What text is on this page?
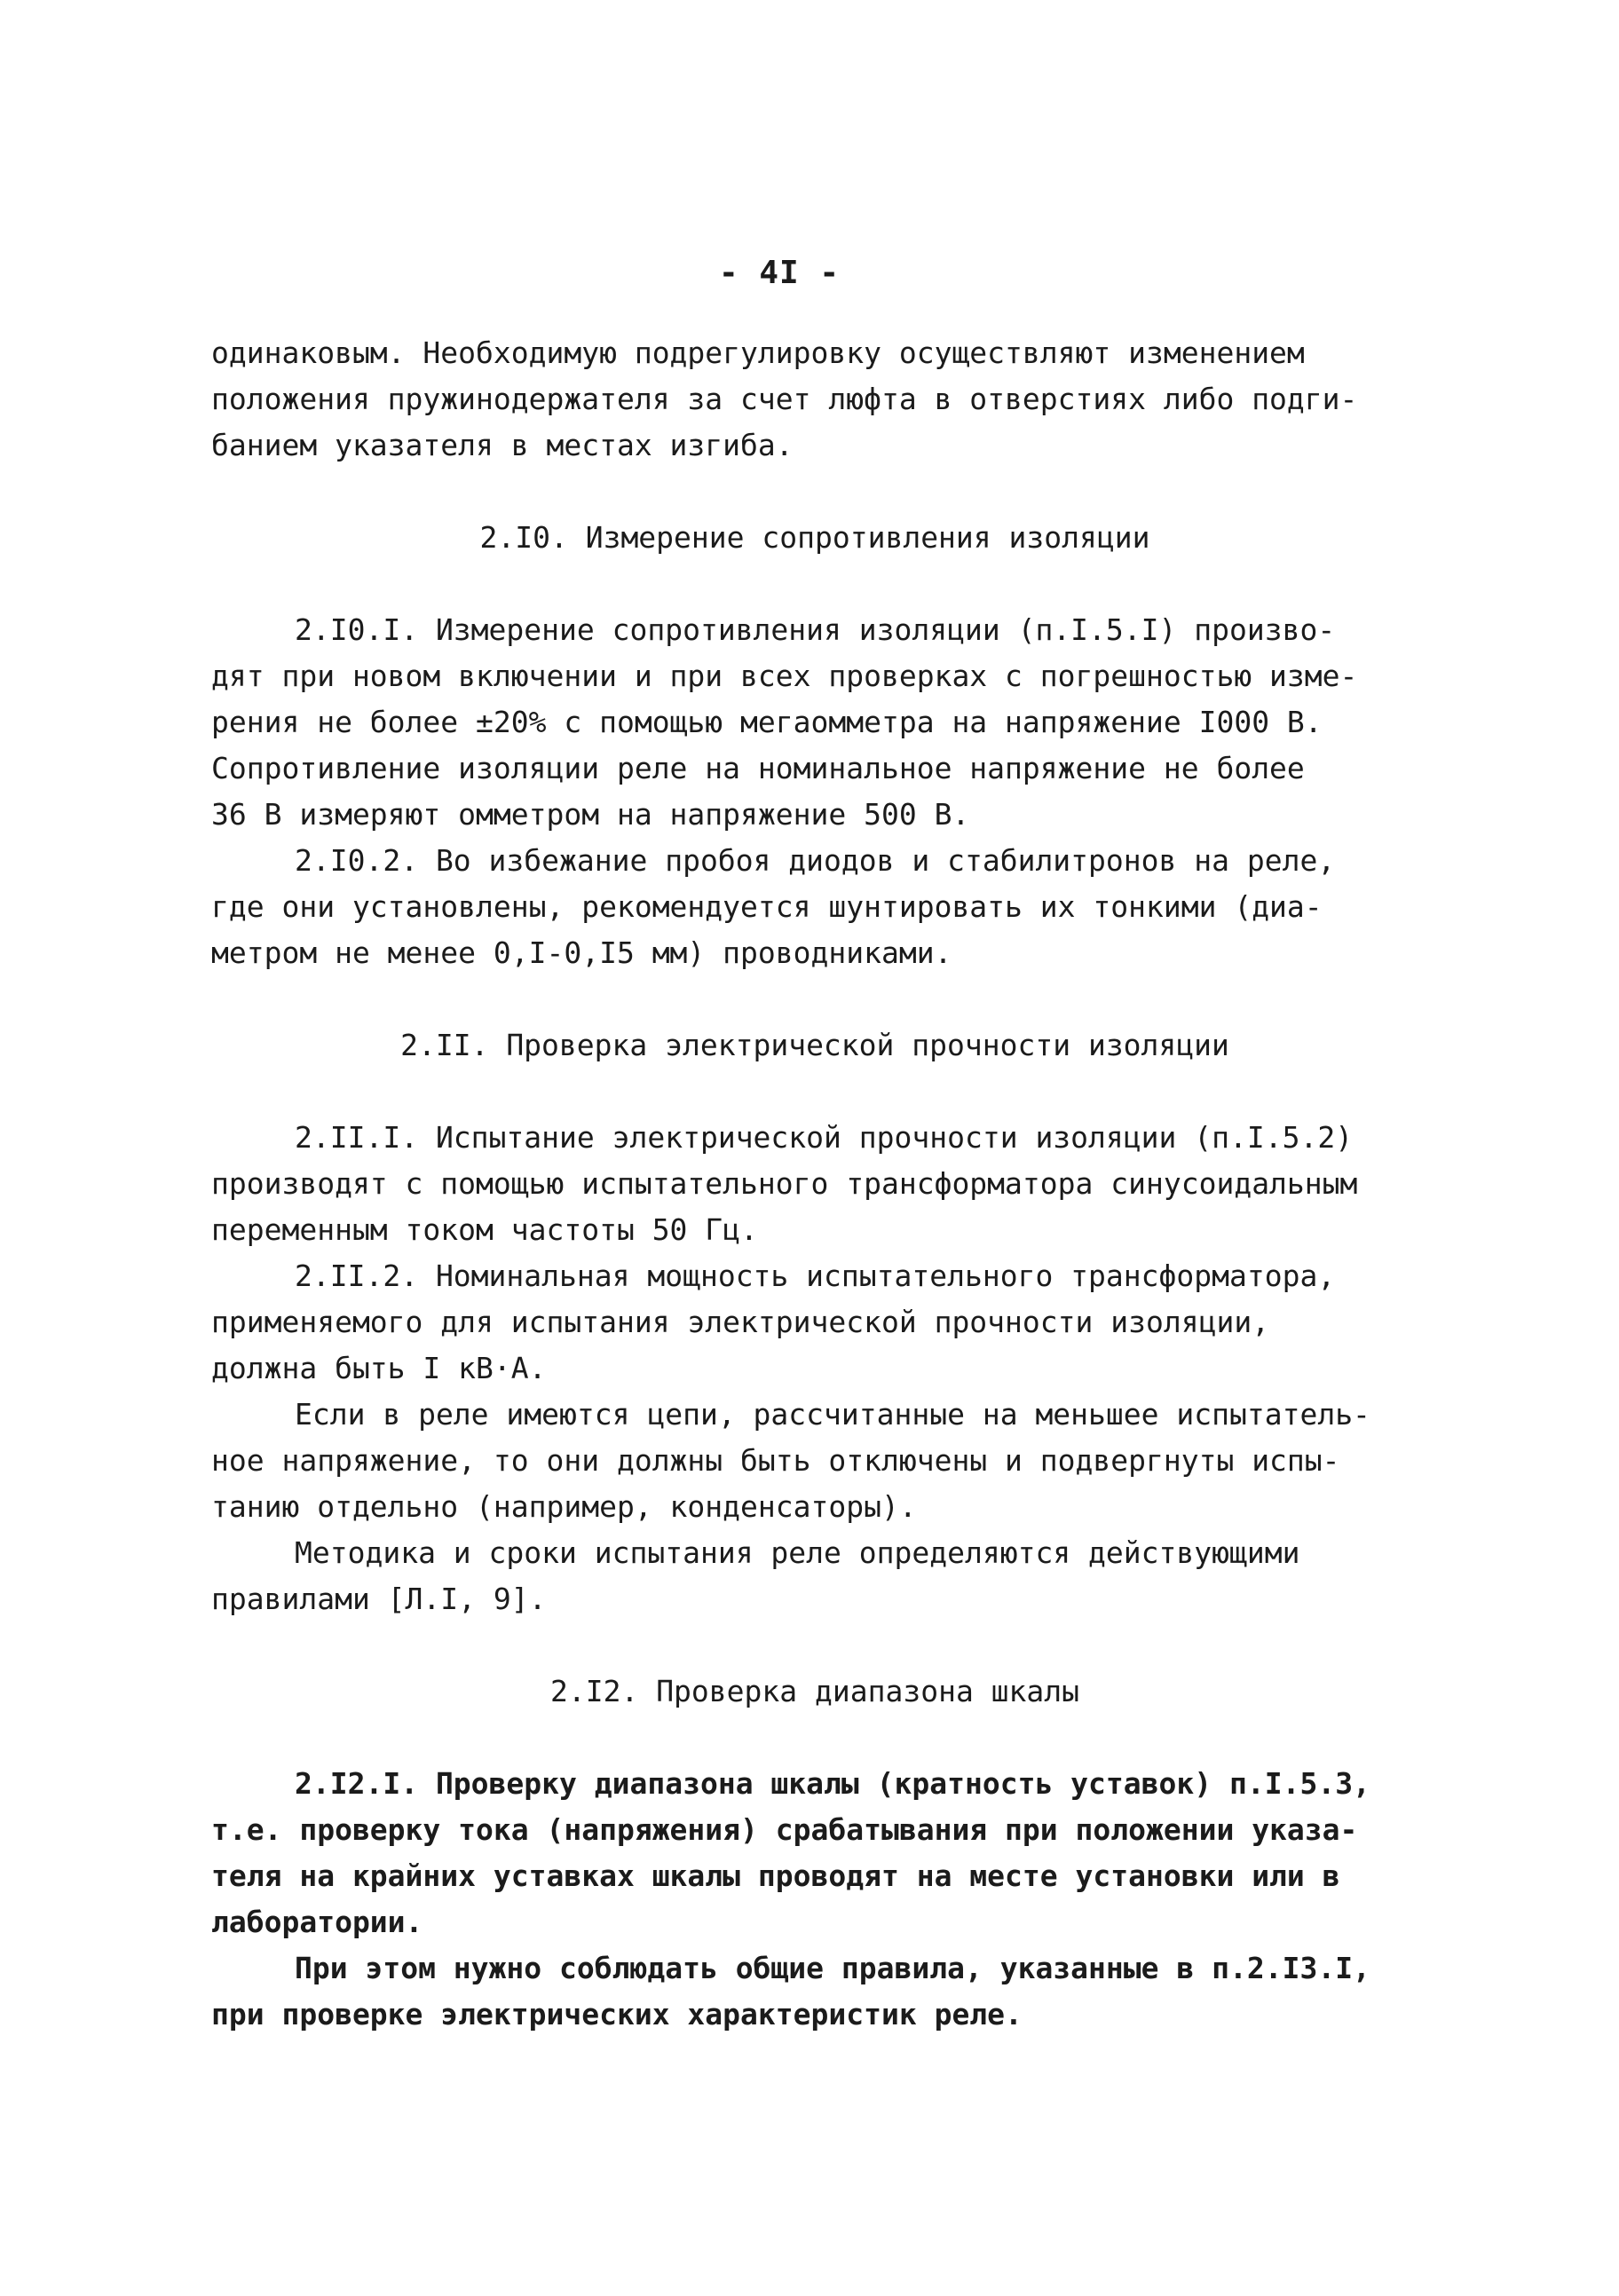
- 4I -
одинаковым. Необходимую подрегулировку осуществляют изменением
положения пружинодержателя за счет люфта в отверстиях либо подги-
банием указателя в местах изгиба.
2.I0. Измерение сопротивления изоляции
2.I0.I. Измерение сопротивления изоляции (п.I.5.I) произво-
дят при новом включении и при всех проверках с погрешностью изме-
рения не более ±20% с помощью мегаомметра на напряжение I000 В.
Сопротивление изоляции реле на номинальное напряжение не более
36 В измеряют омметром на напряжение 500 В.
2.I0.2. Во избежание пробоя диодов и стабилитронов на реле,
где они установлены, рекомендуется шунтировать их тонкими (диа-
метром не менее 0,I-0,I5 мм) проводниками.
2.II. Проверка электрической прочности изоляции
2.II.I. Испытание электрической прочности изоляции (п.I.5.2)
производят с помощью испытательного трансформатора синусоидальным
переменным током частоты 50 Гц.
2.II.2. Номинальная мощность испытательного трансформатора,
применяемого для испытания электрической прочности изоляции,
должна быть I кВ·А.
Если в реле имеются цепи, рассчитанные на меньшее испытатель-
ное напряжение, то они должны быть отключены и подвергнуты испы-
танию отдельно (например, конденсаторы).
Методика и сроки испытания реле определяются действующими
правилами [Л.I, 9].
2.I2. Проверка диапазона шкалы
2.I2.I. Проверку диапазона шкалы (кратность уставок) п.I.5.3,
т.е. проверку тока (напряжения) срабатывания при положении указа-
теля на крайних уставках шкалы проводят на месте установки или в
лаборатории.
При этом нужно соблюдать общие правила, указанные в п.2.I3.I,
при проверке электрических характеристик реле.
